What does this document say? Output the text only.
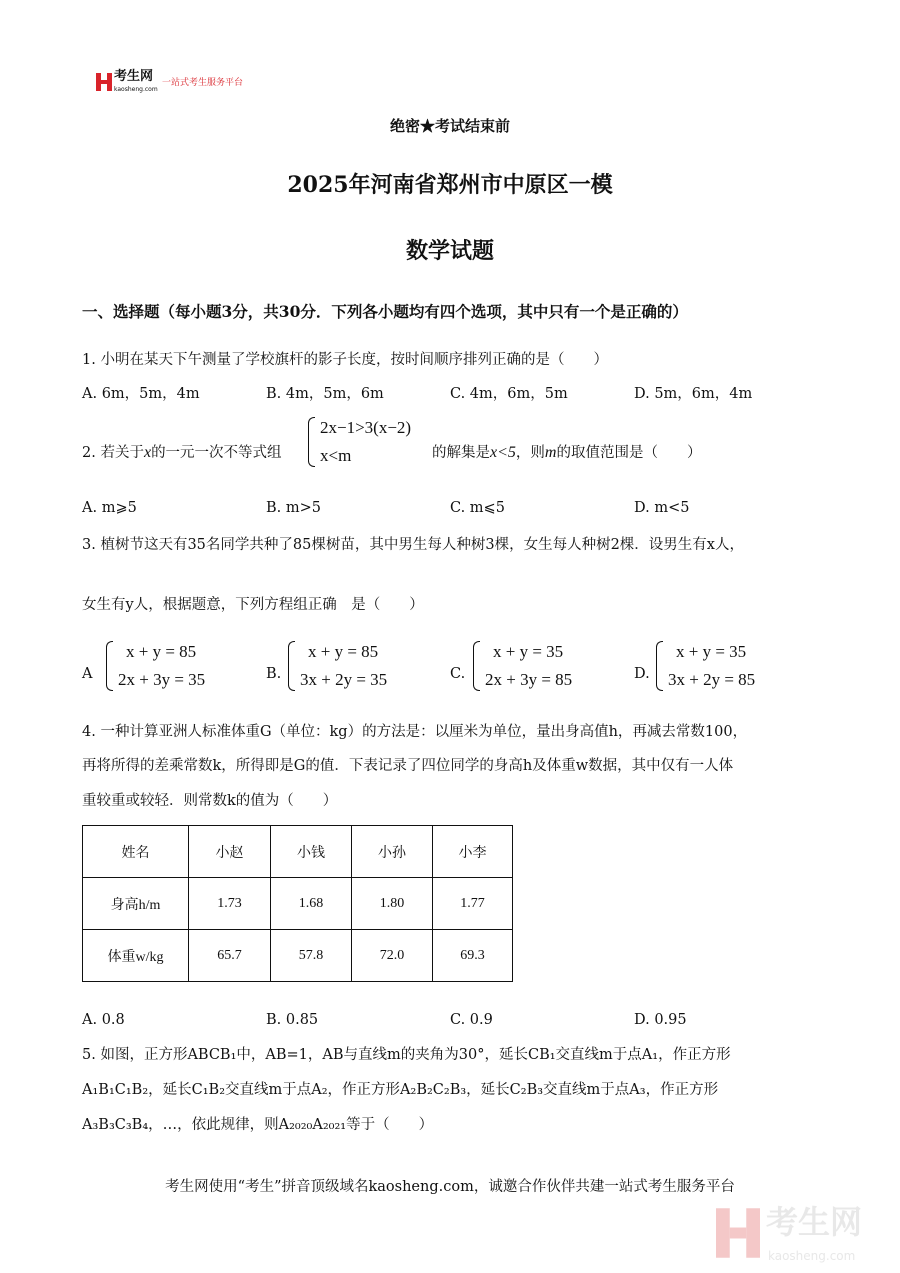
考生网
kaosheng.com
一站式考生服务平台
绝密★考试结束前
2025年河南省郑州市中原区一模
数学试题
一、选择题（每小题3分，共30分．下列各小题均有四个选项，其中只有一个是正确的）
1. 小明在某天下午测量了学校旗杆的影子长度，按时间顺序排列正确的是（　　）
A. 6m，5m，4m	B. 4m，5m，6m	C. 4m，6m，5m	D. 5m，6m，4m
2. 若关于x的一元一次不等式组
2x−1>3(x−2)
x<m	的解集是x<5，则m的取值范围是（　　）
A. m⩾5	B. m>5	C. m⩽5	D. m<5
3. 植树节这天有35名同学共种了85棵树苗，其中男生每人种树3棵，女生每人种树2棵．设男生有x人，
女生有y人，根据题意，下列方程组正确　是（　　）
A
x + y = 85
2x + 3y = 35	B.
x + y = 85
3x + 2y = 35	C.
x + y = 35
2x + 3y = 85	D.
x + y = 35
3x + 2y = 85
4. 一种计算亚洲人标准体重G（单位：kg）的方法是：以厘米为单位，量出身高值h，再减去常数100，
再将所得的差乘常数k，所得即是G的值．下表记录了四位同学的身高h及体重w数据，其中仅有一人体
重较重或较轻．则常数k的值为（　　）
姓名	小赵	小钱	小孙	小李
身高h/m	1.73	1.68	1.80	1.77
体重w/kg	65.7	57.8	72.0	69.3
A. 0.8	B. 0.85	C. 0.9	D. 0.95
5. 如图，正方形ABCB₁中，AB=1，AB与直线m的夹角为30°，延长CB₁交直线m于点A₁，作正方形
A₁B₁C₁B₂，延长C₁B₂交直线m于点A₂，作正方形A₂B₂C₂B₃，延长C₂B₃交直线m于点A₃，作正方形
A₃B₃C₃B₄，…，依此规律，则A₂₀₂₀A₂₀₂₁等于（　　）
考生网使用“考生”拼音顶级域名kaosheng.com，诚邀合作伙伴共建一站式考生服务平台
考生网
kaosheng.com
